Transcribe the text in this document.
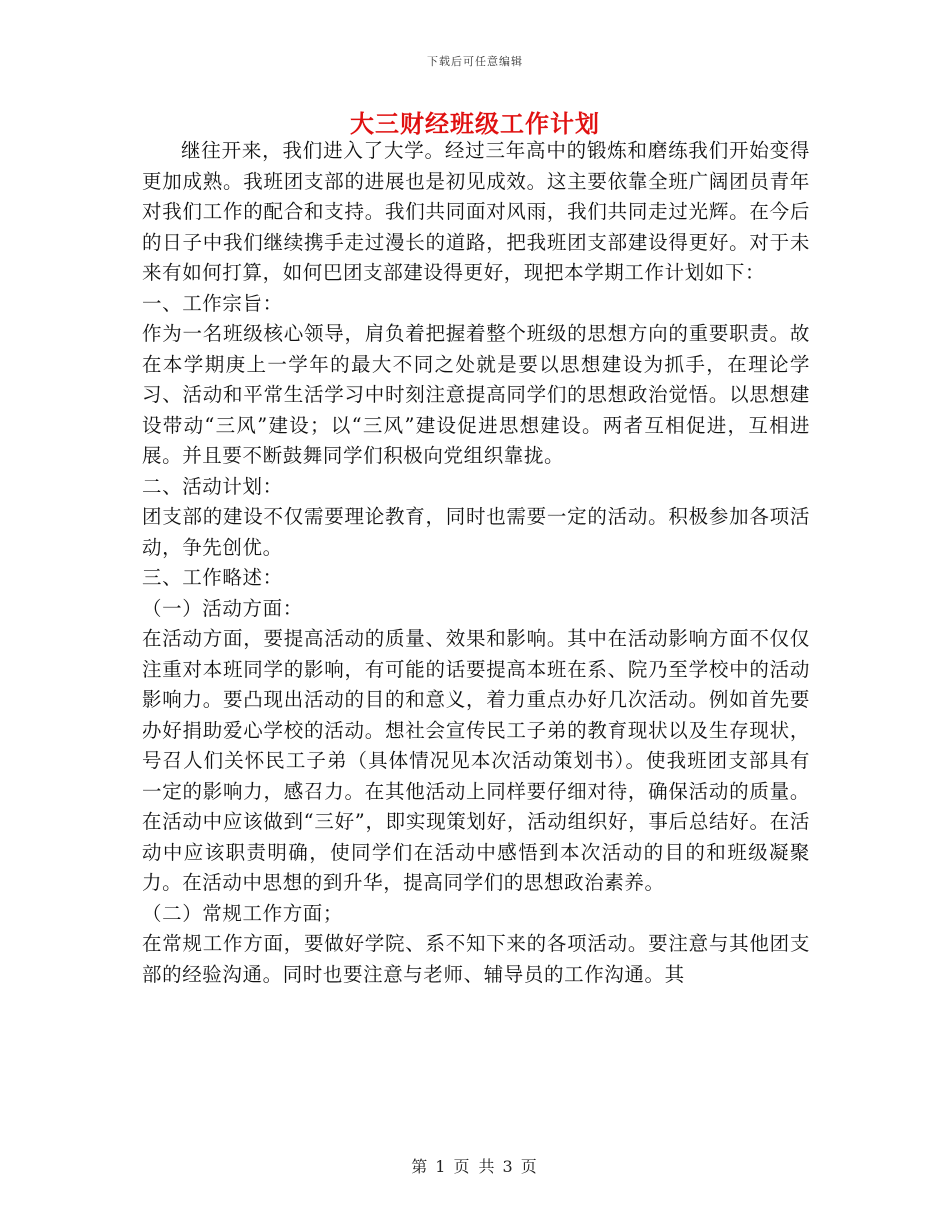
下载后可任意编辑
大三财经班级工作计划

继往开来，我们进入了大学。经过三年高中的锻炼和磨练我们开始变得更加成熟。我班团支部的进展也是初见成效。这主要依靠全班广阔团员青年对我们工作的配合和支持。我们共同面对风雨，我们共同走过光辉。在今后的日子中我们继续携手走过漫长的道路，把我班团支部建设得更好。对于未来有如何打算，如何巴团支部建设得更好，现把本学期工作计划如下：

一、工作宗旨：

作为一名班级核心领导，肩负着把握着整个班级的思想方向的重要职责。故在本学期庚上一学年的最大不同之处就是要以思想建设为抓手，在理论学习、活动和平常生活学习中时刻注意提高同学们的思想政治觉悟。以思想建设带动“三风”建设；以“三风”建设促进思想建设。两者互相促进，互相进展。并且要不断鼓舞同学们积极向党组织靠拢。

二、活动计划：

团支部的建设不仅需要理论教育，同时也需要一定的活动。积极参加各项活动，争先创优。

三、工作略述：

（一）活动方面：

在活动方面，要提高活动的质量、效果和影响。其中在活动影响方面不仅仅注重对本班同学的影响，有可能的话要提高本班在系、院乃至学校中的活动影响力。要凸现出活动的目的和意义，着力重点办好几次活动。例如首先要办好捐助爱心学校的活动。想社会宣传民工子弟的教育现状以及生存现状，号召人们关怀民工子弟（具体情况见本次活动策划书）。使我班团支部具有一定的影响力，感召力。在其他活动上同样要仔细对待，确保活动的质量。在活动中应该做到“三好”，即实现策划好，活动组织好，事后总结好。在活动中应该职责明确，使同学们在活动中感悟到本次活动的目的和班级凝聚力。在活动中思想的到升华，提高同学们的思想政治素养。

（二）常规工作方面；

在常规工作方面，要做好学院、系不知下来的各项活动。要注意与其他团支部的经验沟通。同时也要注意与老师、辅导员的工作沟通。其

第 1 页 共 3 页
